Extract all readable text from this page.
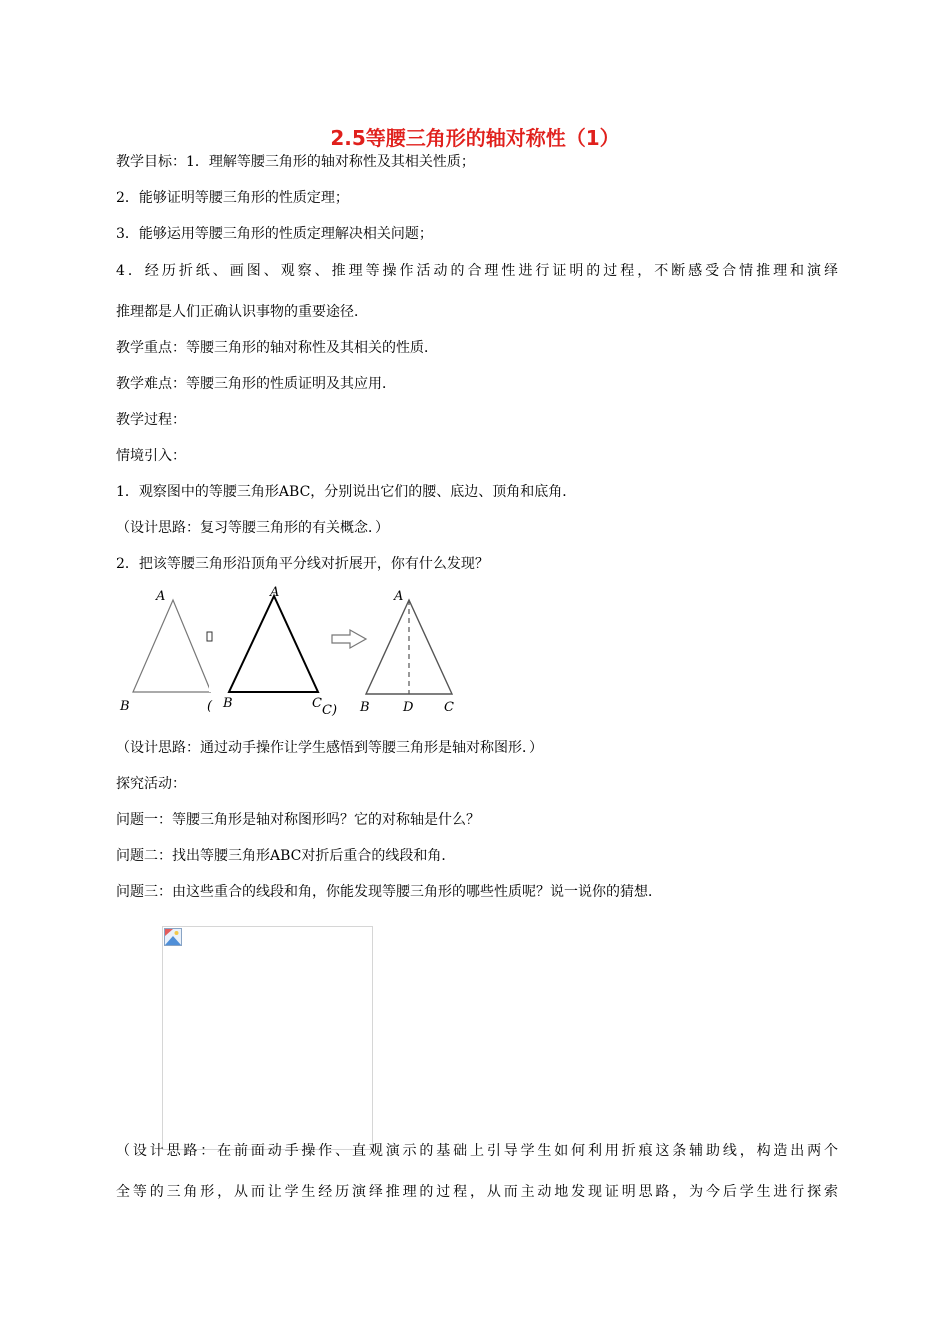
2.5等腰三角形的轴对称性（1）
教学目标：1．理解等腰三角形的轴对称性及其相关性质；
2．能够证明等腰三角形的性质定理；
3．能够运用等腰三角形的性质定理解决相关问题；
4．经历折纸、画图、观察、推理等操作活动的合理性进行证明的过程，不断感受合情推理和演绎
推理都是人们正确认识事物的重要途径．
教学重点：等腰三角形的轴对称性及其相关的性质．
教学难点：等腰三角形的性质证明及其应用．
教学过程：
情境引入：
1．观察图中的等腰三角形ABC，分别说出它们的腰、底边、顶角和底角．
（设计思路：复习等腰三角形的有关概念．）
2．把该等腰三角形沿顶角平分线对折展开，你有什么发现？
A
B	(
A
B	C C)
A
B	D C
（设计思路：通过动手操作让学生感悟到等腰三角形是轴对称图形．）
探究活动：
问题一：等腰三角形是轴对称图形吗？它的对称轴是什么？
问题二：找出等腰三角形ABC对折后重合的线段和角．
问题三：由这些重合的线段和角，你能发现等腰三角形的哪些性质呢？说一说你的猜想．
（设计思路：在前面动手操作、直观演示的基础上引导学生如何利用折痕这条辅助线，构造出两个
全等的三角形，从而让学生经历演绎推理的过程，从而主动地发现证明思路，为今后学生进行探索
